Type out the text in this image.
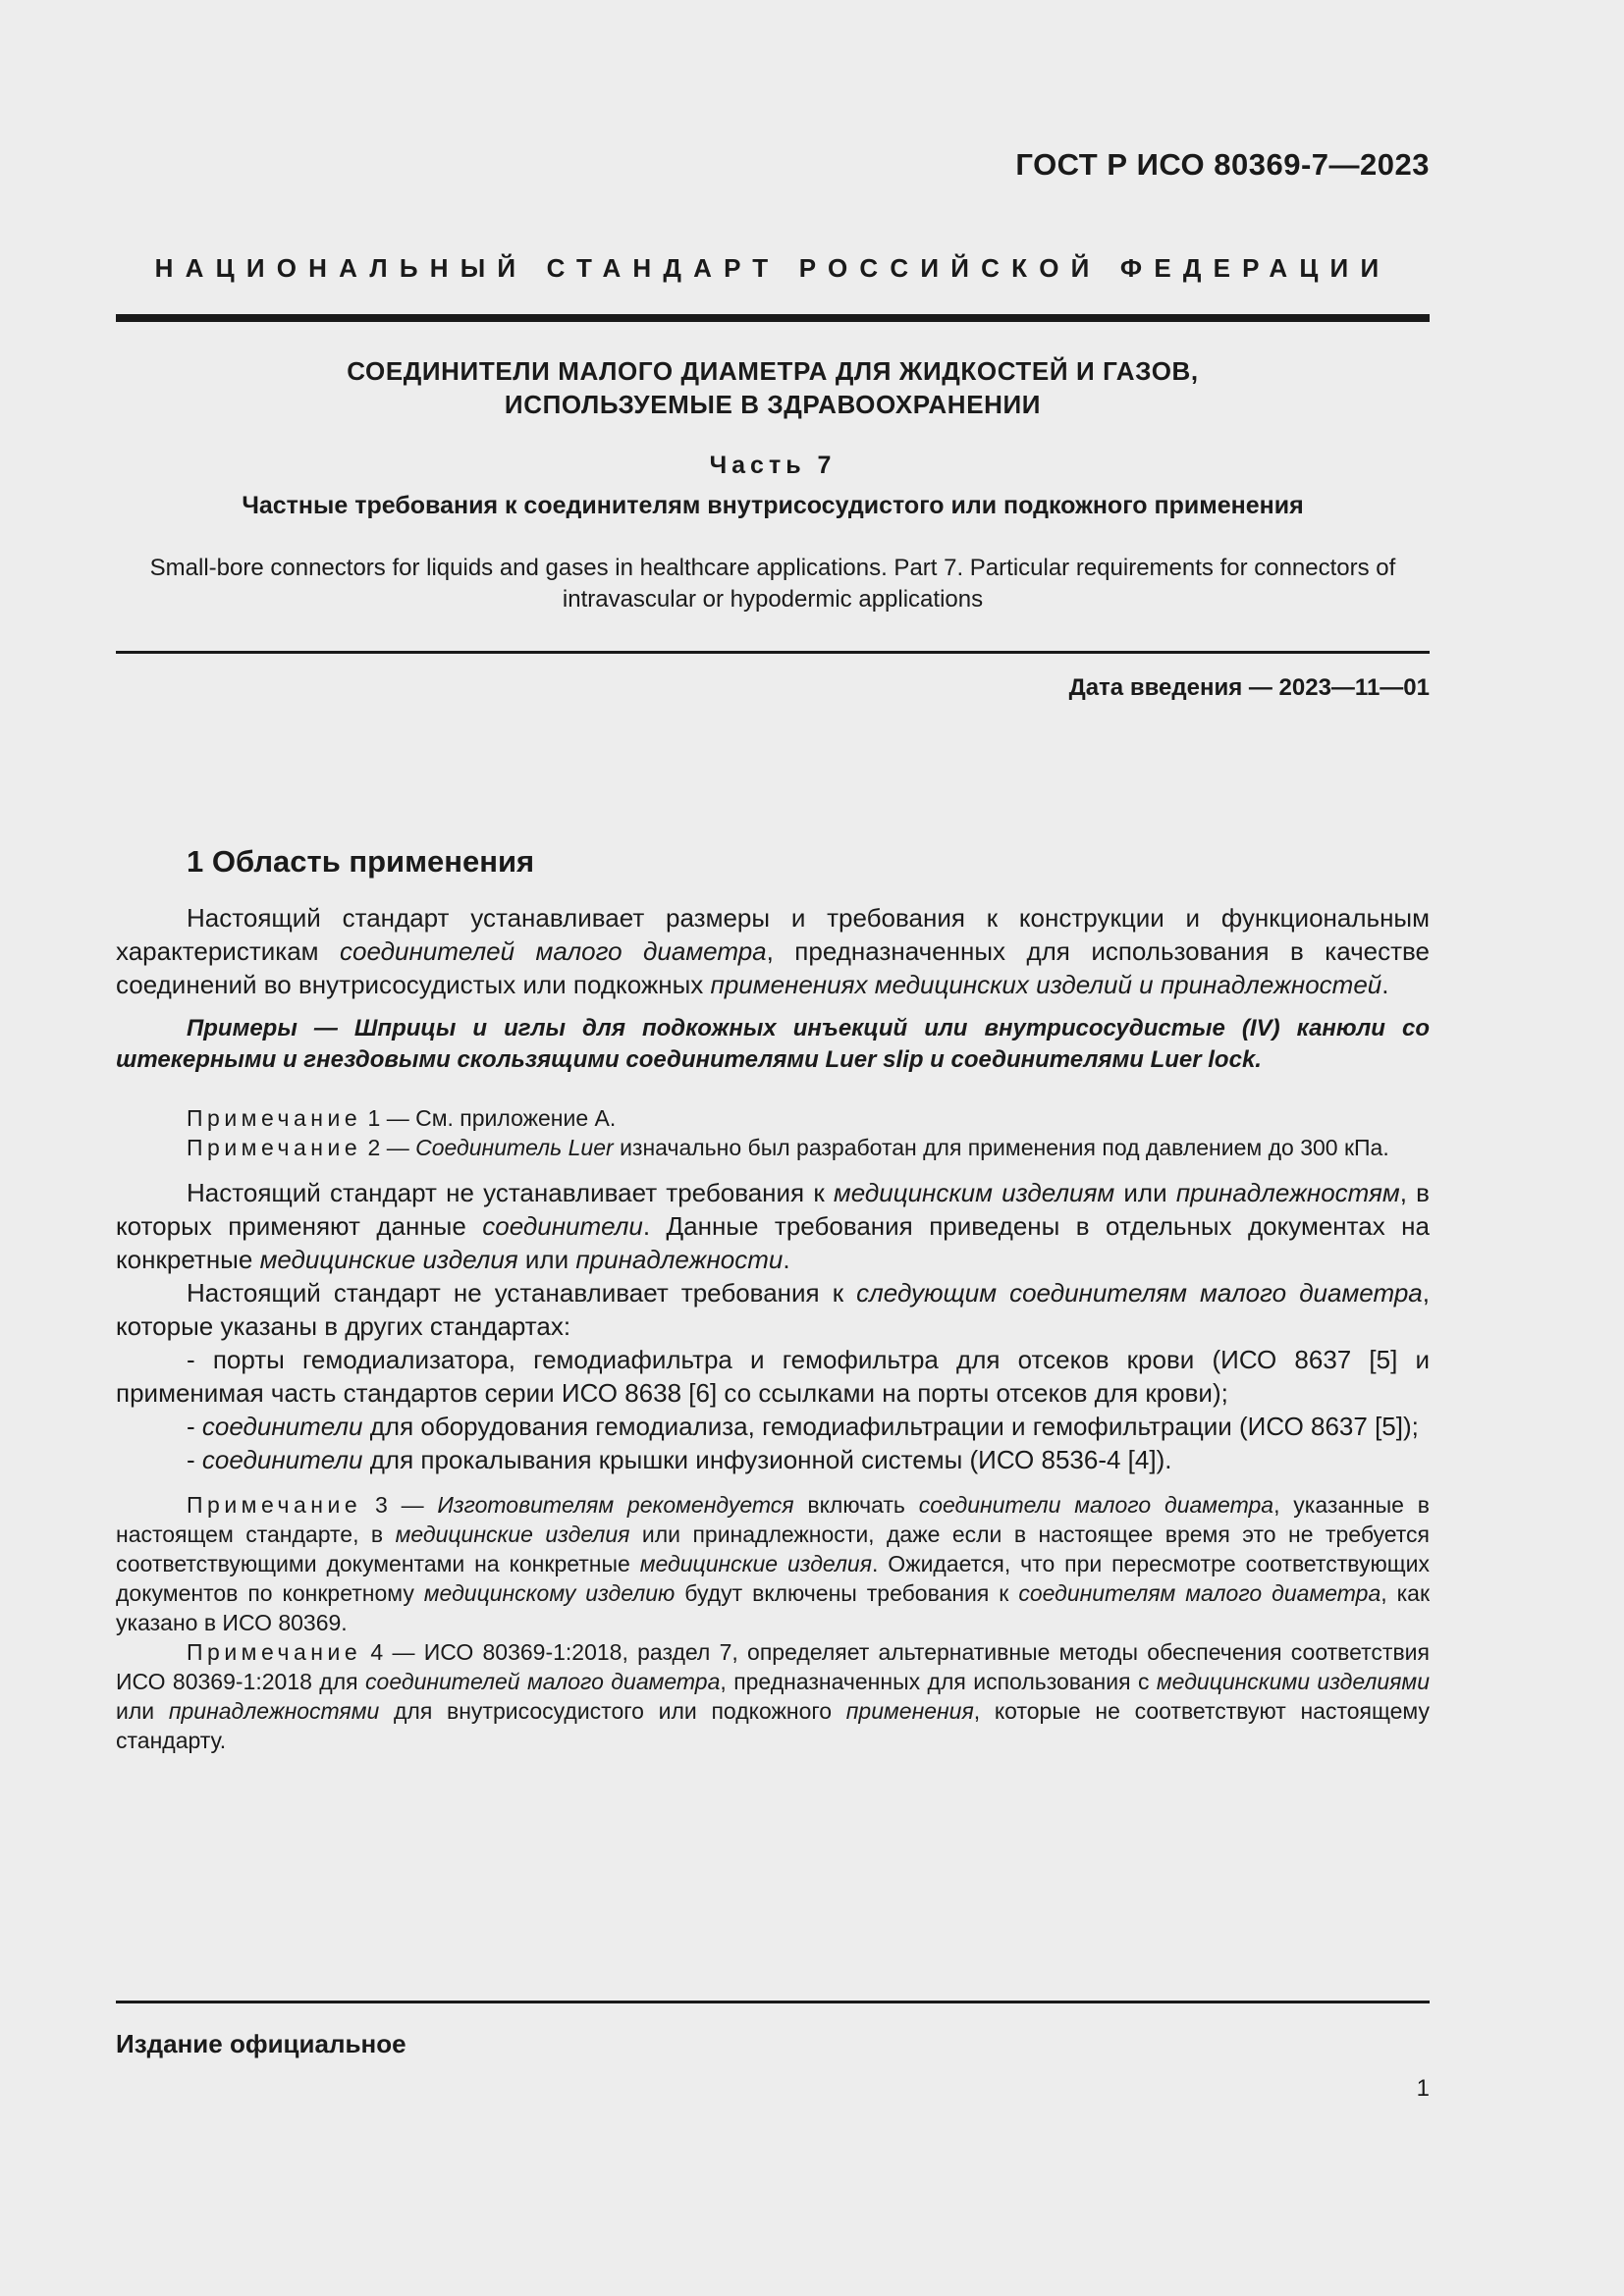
ГОСТ Р ИСО 80369-7—2023
НАЦИОНАЛЬНЫЙ СТАНДАРТ РОССИЙСКОЙ ФЕДЕРАЦИИ
СОЕДИНИТЕЛИ МАЛОГО ДИАМЕТРА ДЛЯ ЖИДКОСТЕЙ И ГАЗОВ,
ИСПОЛЬЗУЕМЫЕ В ЗДРАВООХРАНЕНИИ
Часть 7
Частные требования к соединителям внутрисосудистого или подкожного применения
Small-bore connectors for liquids and gases in healthcare applications. Part 7. Particular requirements for connectors of
intravascular or hypodermic applications
Дата введения — 2023—11—01
1 Область применения

Настоящий стандарт устанавливает размеры и требования к конструкции и функциональным характеристикам соединителей малого диаметра, предназначенных для использования в качестве соединений во внутрисосудистых или подкожных применениях медицинских изделий и принадлежностей.

Примеры — Шприцы и иглы для подкожных инъекций или внутрисосудистые (IV) канюли со штекерными и гнездовыми скользящими соединителями Luer slip и соединителями Luer lock.

Примечание 1 — См. приложение А.

Примечание 2 — Соединитель Luer изначально был разработан для применения под давлением до 300 кПа.

Настоящий стандарт не устанавливает требования к медицинским изделиям или принадлежностям, в которых применяют данные соединители. Данные требования приведены в отдельных документах на конкретные медицинские изделия или принадлежности.

Настоящий стандарт не устанавливает требования к следующим соединителям малого диаметра, которые указаны в других стандартах:

- порты гемодиализатора, гемодиафильтра и гемофильтра для отсеков крови (ИСО 8637 [5] и применимая часть стандартов серии ИСО 8638 [6] со ссылками на порты отсеков для крови);

- соединители для оборудования гемодиализа, гемодиафильтрации и гемофильтрации (ИСО 8637 [5]);

- соединители для прокалывания крышки инфузионной системы (ИСО 8536-4 [4]).

Примечание 3 — Изготовителям рекомендуется включать соединители малого диаметра, указанные в настоящем стандарте, в медицинские изделия или принадлежности, даже если в настоящее время это не требуется соответствующими документами на конкретные медицинские изделия. Ожидается, что при пересмотре соответствующих документов по конкретному медицинскому изделию будут включены требования к соединителям малого диаметра, как указано в ИСО 80369.

Примечание 4 — ИСО 80369-1:2018, раздел 7, определяет альтернативные методы обеспечения соответствия ИСО 80369-1:2018 для соединителей малого диаметра, предназначенных для использования с медицинскими изделиями или принадлежностями для внутрисосудистого или подкожного применения, которые не соответствуют настоящему стандарту.

Издание официальное
1
